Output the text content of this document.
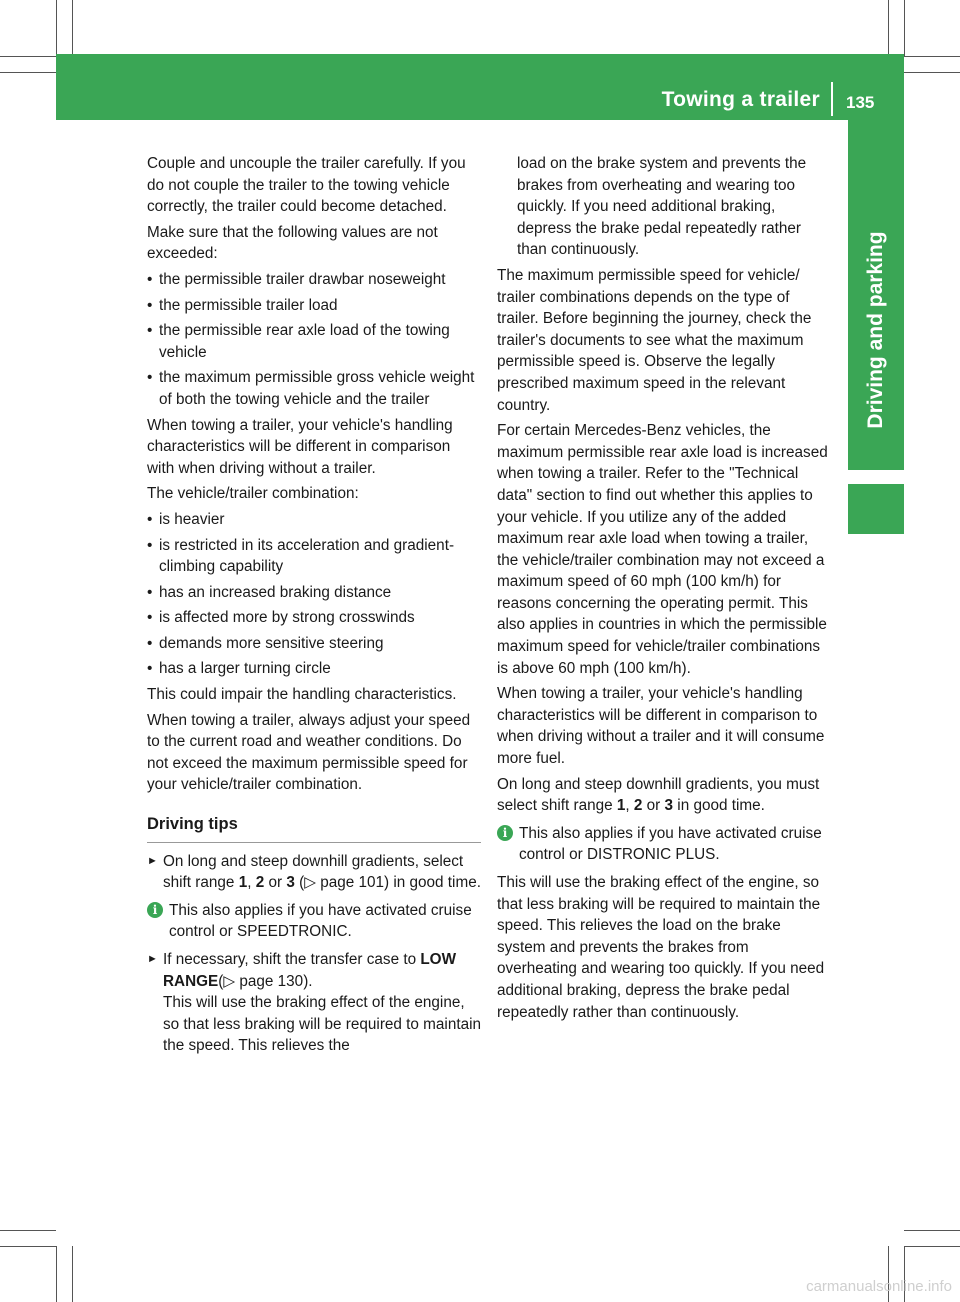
Towing a trailer 135
Driving and parking

Couple and uncouple the trailer carefully. If you do not couple the trailer to the towing vehicle correctly, the trailer could become detached.

Make sure that the following values are not exceeded:

• the permissible trailer drawbar noseweight
• the permissible trailer load
• the permissible rear axle load of the towing vehicle
• the maximum permissible gross vehicle weight of both the towing vehicle and the trailer

When towing a trailer, your vehicle's handling characteristics will be different in comparison with when driving without a trailer.

The vehicle/trailer combination:

• is heavier
• is restricted in its acceleration and gradient-climbing capability
• has an increased braking distance
• is affected more by strong crosswinds
• demands more sensitive steering
• has a larger turning circle

This could impair the handling characteristics.

When towing a trailer, always adjust your speed to the current road and weather conditions. Do not exceed the maximum permissible speed for your vehicle/trailer combination.

Driving tips
► On long and steep downhill gradients, select shift range 1, 2 or 3 (▷ page 101) in good time.
i This also applies if you have activated cruise control or SPEEDTRONIC.
► If necessary, shift the transfer case to LOW RANGE(▷ page 130).
This will use the braking effect of the engine, so that less braking will be required to maintain the speed. This relieves the

load on the brake system and prevents the brakes from overheating and wearing too quickly. If you need additional braking, depress the brake pedal repeatedly rather than continuously.

The maximum permissible speed for vehicle/ trailer combinations depends on the type of trailer. Before beginning the journey, check the trailer's documents to see what the maximum permissible speed is. Observe the legally prescribed maximum speed in the relevant country.

For certain Mercedes-Benz vehicles, the maximum permissible rear axle load is increased when towing a trailer. Refer to the "Technical data" section to find out whether this applies to your vehicle. If you utilize any of the added maximum rear axle load when towing a trailer, the vehicle/trailer combination may not exceed a maximum speed of 60 mph (100 km/h) for reasons concerning the operating permit. This also applies in countries in which the permissible maximum speed for vehicle/trailer combinations is above 60 mph (100 km/h).

When towing a trailer, your vehicle's handling characteristics will be different in comparison to when driving without a trailer and it will consume more fuel.

On long and steep downhill gradients, you must select shift range 1, 2 or 3 in good time.

i This also applies if you have activated cruise control or DISTRONIC PLUS.

This will use the braking effect of the engine, so that less braking will be required to maintain the speed. This relieves the load on the brake system and prevents the brakes from overheating and wearing too quickly. If you need additional braking, depress the brake pedal repeatedly rather than continuously.

carmanualsonline.info
